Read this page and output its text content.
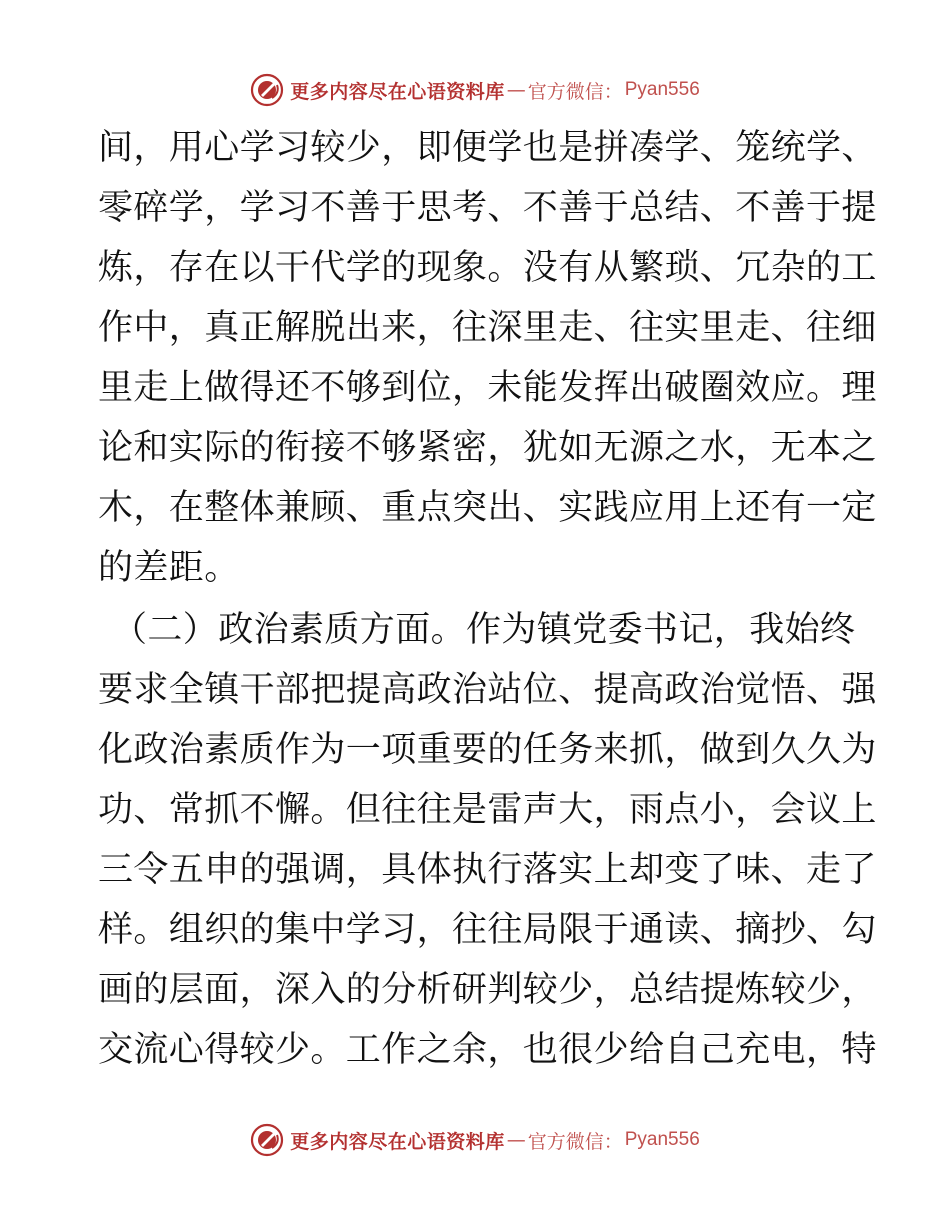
更多内容尽在心语资料库 — 官方微信： Pyan556
间，用心学习较少，即便学也是拼凑学、笼统学、
零碎学，学习不善于思考、不善于总结、不善于提
炼，存在以干代学的现象。没有从繁琐、冗杂的工
作中，真正解脱出来，往深里走、往实里走、往细
里走上做得还不够到位，未能发挥出破圈效应。理
论和实际的衔接不够紧密，犹如无源之水，无本之
木，在整体兼顾、重点突出、实践应用上还有一定
的差距。
（二）政治素质方面。作为镇党委书记，我始终
要求全镇干部把提高政治站位、提高政治觉悟、强
化政治素质作为一项重要的任务来抓，做到久久为
功、常抓不懈。但往往是雷声大，雨点小，会议上
三令五申的强调，具体执行落实上却变了味、走了
样。组织的集中学习，往往局限于通读、摘抄、勾
画的层面，深入的分析研判较少，总结提炼较少，
交流心得较少。工作之余，也很少给自己充电，特
更多内容尽在心语资料库 — 官方微信： Pyan556
